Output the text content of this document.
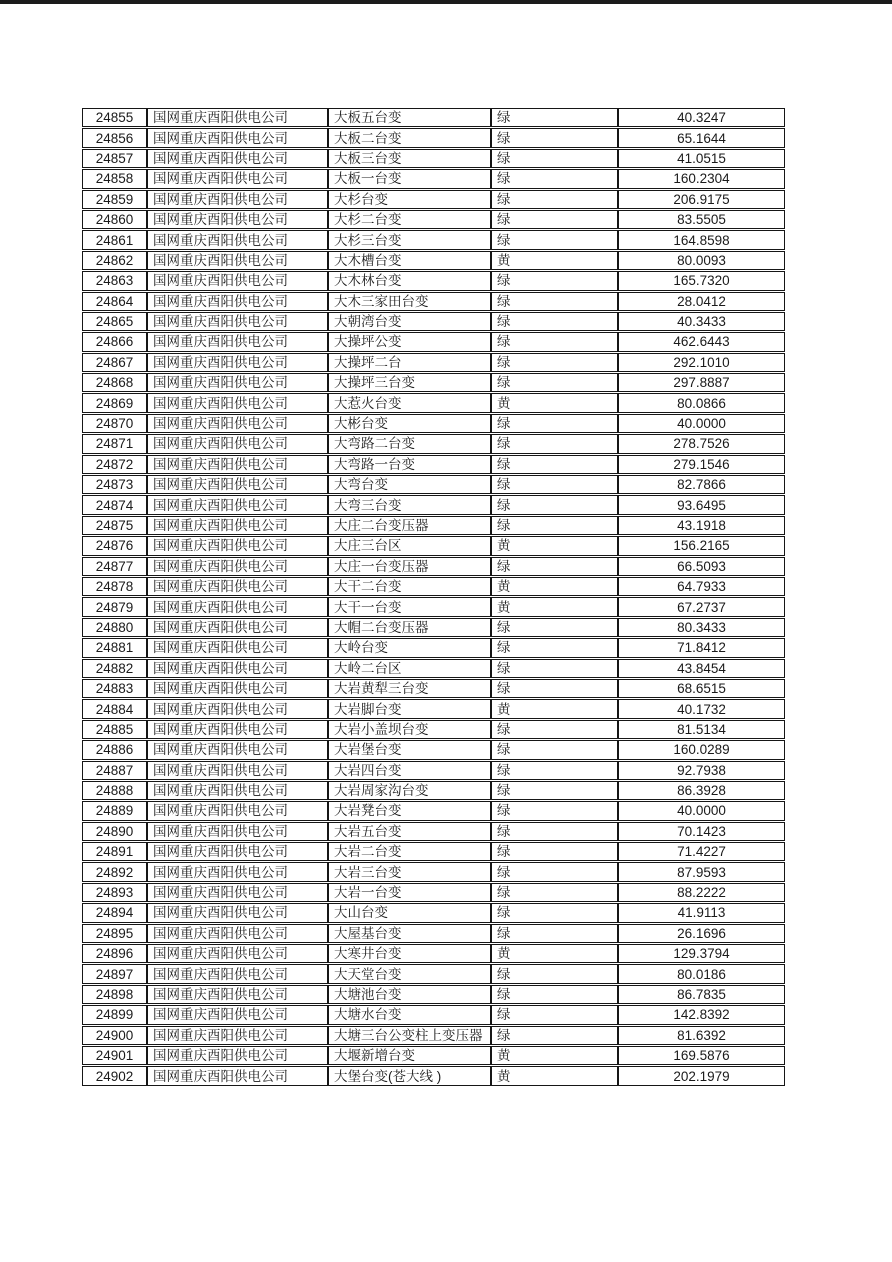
24855	国网重庆酉阳供电公司	大板五台变	绿	40.3247
24856	国网重庆酉阳供电公司	大板二台变	绿	65.1644
24857	国网重庆酉阳供电公司	大板三台变	绿	41.0515
24858	国网重庆酉阳供电公司	大板一台变	绿	160.2304
24859	国网重庆酉阳供电公司	大杉台变	绿	206.9175
24860	国网重庆酉阳供电公司	大杉二台变	绿	83.5505
24861	国网重庆酉阳供电公司	大杉三台变	绿	164.8598
24862	国网重庆酉阳供电公司	大木槽台变	黄	80.0093
24863	国网重庆酉阳供电公司	大木林台变	绿	165.7320
24864	国网重庆酉阳供电公司	大木三家田台变	绿	28.0412
24865	国网重庆酉阳供电公司	大朝湾台变	绿	40.3433
24866	国网重庆酉阳供电公司	大操坪公变	绿	462.6443
24867	国网重庆酉阳供电公司	大操坪二台	绿	292.1010
24868	国网重庆酉阳供电公司	大操坪三台变	绿	297.8887
24869	国网重庆酉阳供电公司	大惹火台变	黄	80.0866
24870	国网重庆酉阳供电公司	大彬台变	绿	40.0000
24871	国网重庆酉阳供电公司	大弯路二台变	绿	278.7526
24872	国网重庆酉阳供电公司	大弯路一台变	绿	279.1546
24873	国网重庆酉阳供电公司	大弯台变	绿	82.7866
24874	国网重庆酉阳供电公司	大弯三台变	绿	93.6495
24875	国网重庆酉阳供电公司	大庄二台变压器	绿	43.1918
24876	国网重庆酉阳供电公司	大庄三台区	黄	156.2165
24877	国网重庆酉阳供电公司	大庄一台变压器	绿	66.5093
24878	国网重庆酉阳供电公司	大干二台变	黄	64.7933
24879	国网重庆酉阳供电公司	大干一台变	黄	67.2737
24880	国网重庆酉阳供电公司	大帽二台变压器	绿	80.3433
24881	国网重庆酉阳供电公司	大岭台变	绿	71.8412
24882	国网重庆酉阳供电公司	大岭二台区	绿	43.8454
24883	国网重庆酉阳供电公司	大岩黄犁三台变	绿	68.6515
24884	国网重庆酉阳供电公司	大岩脚台变	黄	40.1732
24885	国网重庆酉阳供电公司	大岩小盖坝台变	绿	81.5134
24886	国网重庆酉阳供电公司	大岩堡台变	绿	160.0289
24887	国网重庆酉阳供电公司	大岩四台变	绿	92.7938
24888	国网重庆酉阳供电公司	大岩周家沟台变	绿	86.3928
24889	国网重庆酉阳供电公司	大岩凳台变	绿	40.0000
24890	国网重庆酉阳供电公司	大岩五台变	绿	70.1423
24891	国网重庆酉阳供电公司	大岩二台变	绿	71.4227
24892	国网重庆酉阳供电公司	大岩三台变	绿	87.9593
24893	国网重庆酉阳供电公司	大岩一台变	绿	88.2222
24894	国网重庆酉阳供电公司	大山台变	绿	41.9113
24895	国网重庆酉阳供电公司	大屋基台变	绿	26.1696
24896	国网重庆酉阳供电公司	大寒井台变	黄	129.3794
24897	国网重庆酉阳供电公司	大天堂台变	绿	80.0186
24898	国网重庆酉阳供电公司	大塘池台变	绿	86.7835
24899	国网重庆酉阳供电公司	大塘水台变	绿	142.8392
24900	国网重庆酉阳供电公司	大塘三台公变柱上变压器	绿	81.6392
24901	国网重庆酉阳供电公司	大堰新增台变	黄	169.5876
24902	国网重庆酉阳供电公司	大堡台变(苍大线 )	黄	202.1979
